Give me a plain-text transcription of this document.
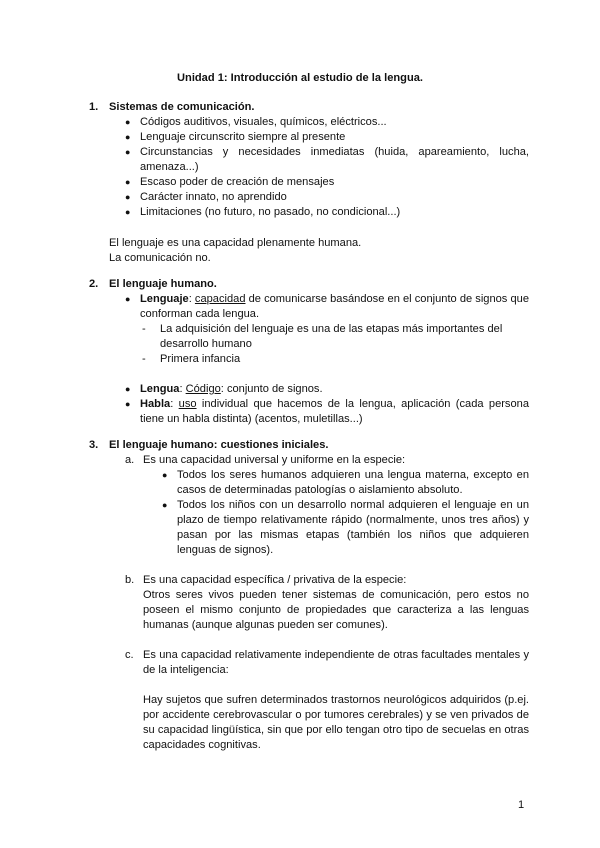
Unidad 1: Introducción al estudio de la lengua.
1. Sistemas de comunicación.
● Códigos auditivos, visuales, químicos, eléctricos...
● Lenguaje circunscrito siempre al presente
● Circunstancias y necesidades inmediatas (huida, apareamiento, lucha, amenaza...)
● Escaso poder de creación de mensajes
● Carácter innato, no aprendido
● Limitaciones (no futuro, no pasado, no condicional...)
El lenguaje es una capacidad plenamente humana.
La comunicación no.
2. El lenguaje humano.
● Lenguaje: capacidad de comunicarse basándose en el conjunto de signos que conforman cada lengua.
- La adquisición del lenguaje es una de las etapas más importantes del desarrollo humano
- Primera infancia
● Lengua: Código: conjunto de signos.
● Habla: uso individual que hacemos de la lengua, aplicación (cada persona tiene un habla distinta) (acentos, muletillas...)
3. El lenguaje humano: cuestiones iniciales.
a. Es una capacidad universal y uniforme en la especie:
● Todos los seres humanos adquieren una lengua materna, excepto en casos de determinadas patologías o aislamiento absoluto.
● Todos los niños con un desarrollo normal adquieren el lenguaje en un plazo de tiempo relativamente rápido (normalmente, unos tres años) y pasan por las mismas etapas (también los niños que adquieren lenguas de signos).
b. Es una capacidad específica / privativa de la especie:
Otros seres vivos pueden tener sistemas de comunicación, pero estos no poseen el mismo conjunto de propiedades que caracteriza a las lenguas humanas (aunque algunas pueden ser comunes).
c. Es una capacidad relativamente independiente de otras facultades mentales y de la inteligencia:
Hay sujetos que sufren determinados trastornos neurológicos adquiridos (p.ej. por accidente cerebrovascular o por tumores cerebrales) y se ven privados de su capacidad lingüística, sin que por ello tengan otro tipo de secuelas en otras capacidades cognitivas.
1
